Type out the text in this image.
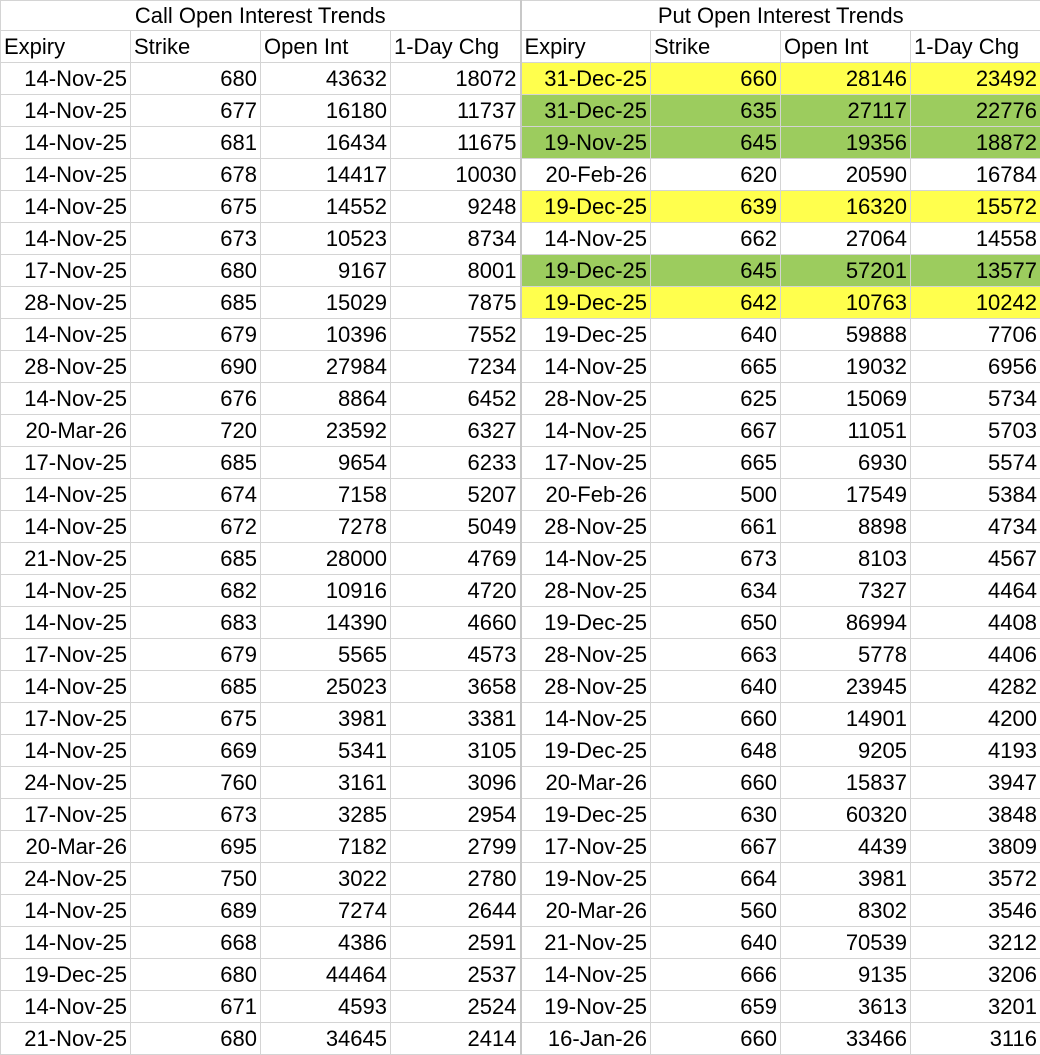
Call Open Interest Trends				Put Open Interest Trends			
Expiry	Strike	Open Int	1-Day Chg	Expiry	Strike	Open Int	1-Day Chg
14-Nov-25	680	43632	18072	31-Dec-25	660	28146	23492
14-Nov-25	677	16180	11737	31-Dec-25	635	27117	22776
14-Nov-25	681	16434	11675	19-Nov-25	645	19356	18872
14-Nov-25	678	14417	10030	20-Feb-26	620	20590	16784
14-Nov-25	675	14552	9248	19-Dec-25	639	16320	15572
14-Nov-25	673	10523	8734	14-Nov-25	662	27064	14558
17-Nov-25	680	9167	8001	19-Dec-25	645	57201	13577
28-Nov-25	685	15029	7875	19-Dec-25	642	10763	10242
14-Nov-25	679	10396	7552	19-Dec-25	640	59888	7706
28-Nov-25	690	27984	7234	14-Nov-25	665	19032	6956
14-Nov-25	676	8864	6452	28-Nov-25	625	15069	5734
20-Mar-26	720	23592	6327	14-Nov-25	667	11051	5703
17-Nov-25	685	9654	6233	17-Nov-25	665	6930	5574
14-Nov-25	674	7158	5207	20-Feb-26	500	17549	5384
14-Nov-25	672	7278	5049	28-Nov-25	661	8898	4734
21-Nov-25	685	28000	4769	14-Nov-25	673	8103	4567
14-Nov-25	682	10916	4720	28-Nov-25	634	7327	4464
14-Nov-25	683	14390	4660	19-Dec-25	650	86994	4408
17-Nov-25	679	5565	4573	28-Nov-25	663	5778	4406
14-Nov-25	685	25023	3658	28-Nov-25	640	23945	4282
17-Nov-25	675	3981	3381	14-Nov-25	660	14901	4200
14-Nov-25	669	5341	3105	19-Dec-25	648	9205	4193
24-Nov-25	760	3161	3096	20-Mar-26	660	15837	3947
17-Nov-25	673	3285	2954	19-Dec-25	630	60320	3848
20-Mar-26	695	7182	2799	17-Nov-25	667	4439	3809
24-Nov-25	750	3022	2780	19-Nov-25	664	3981	3572
14-Nov-25	689	7274	2644	20-Mar-26	560	8302	3546
14-Nov-25	668	4386	2591	21-Nov-25	640	70539	3212
19-Dec-25	680	44464	2537	14-Nov-25	666	9135	3206
14-Nov-25	671	4593	2524	19-Nov-25	659	3613	3201
21-Nov-25	680	34645	2414	16-Jan-26	660	33466	3116
